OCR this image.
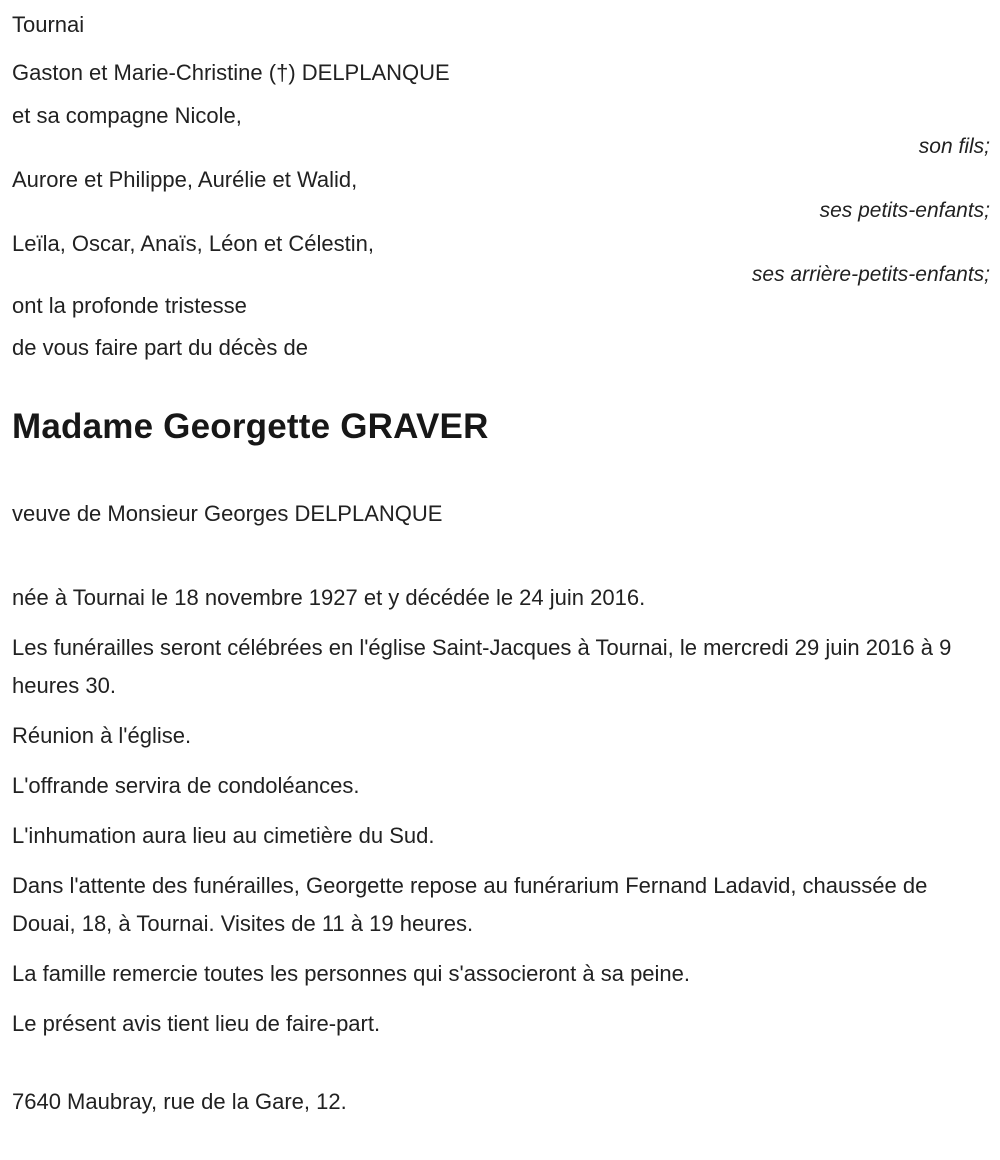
Tournai

Gaston et Marie-Christine (†) DELPLANQUE

et sa compagne Nicole,

son fils;

Aurore et Philippe, Aurélie et Walid,

ses petits-enfants;

Leïla, Oscar, Anaïs, Léon et Célestin,

ses arrière-petits-enfants;

ont la profonde tristesse

de vous faire part du décès de

Madame Georgette GRAVER

veuve de Monsieur Georges DELPLANQUE

née à Tournai le 18 novembre 1927 et y décédée le 24 juin 2016.

Les funérailles seront célébrées en l'église Saint-Jacques à Tournai, le mercredi 29 juin 2016 à 9 heures 30.

Réunion à l'église.

L'offrande servira de condoléances.

L'inhumation aura lieu au cimetière du Sud.

Dans l'attente des funérailles, Georgette repose au funérarium Fernand Ladavid, chaussée de Douai, 18, à Tournai. Visites de 11 à 19 heures.

La famille remercie toutes les personnes qui s'associeront à sa peine.

Le présent avis tient lieu de faire-part.

7640 Maubray, rue de la Gare, 12.
